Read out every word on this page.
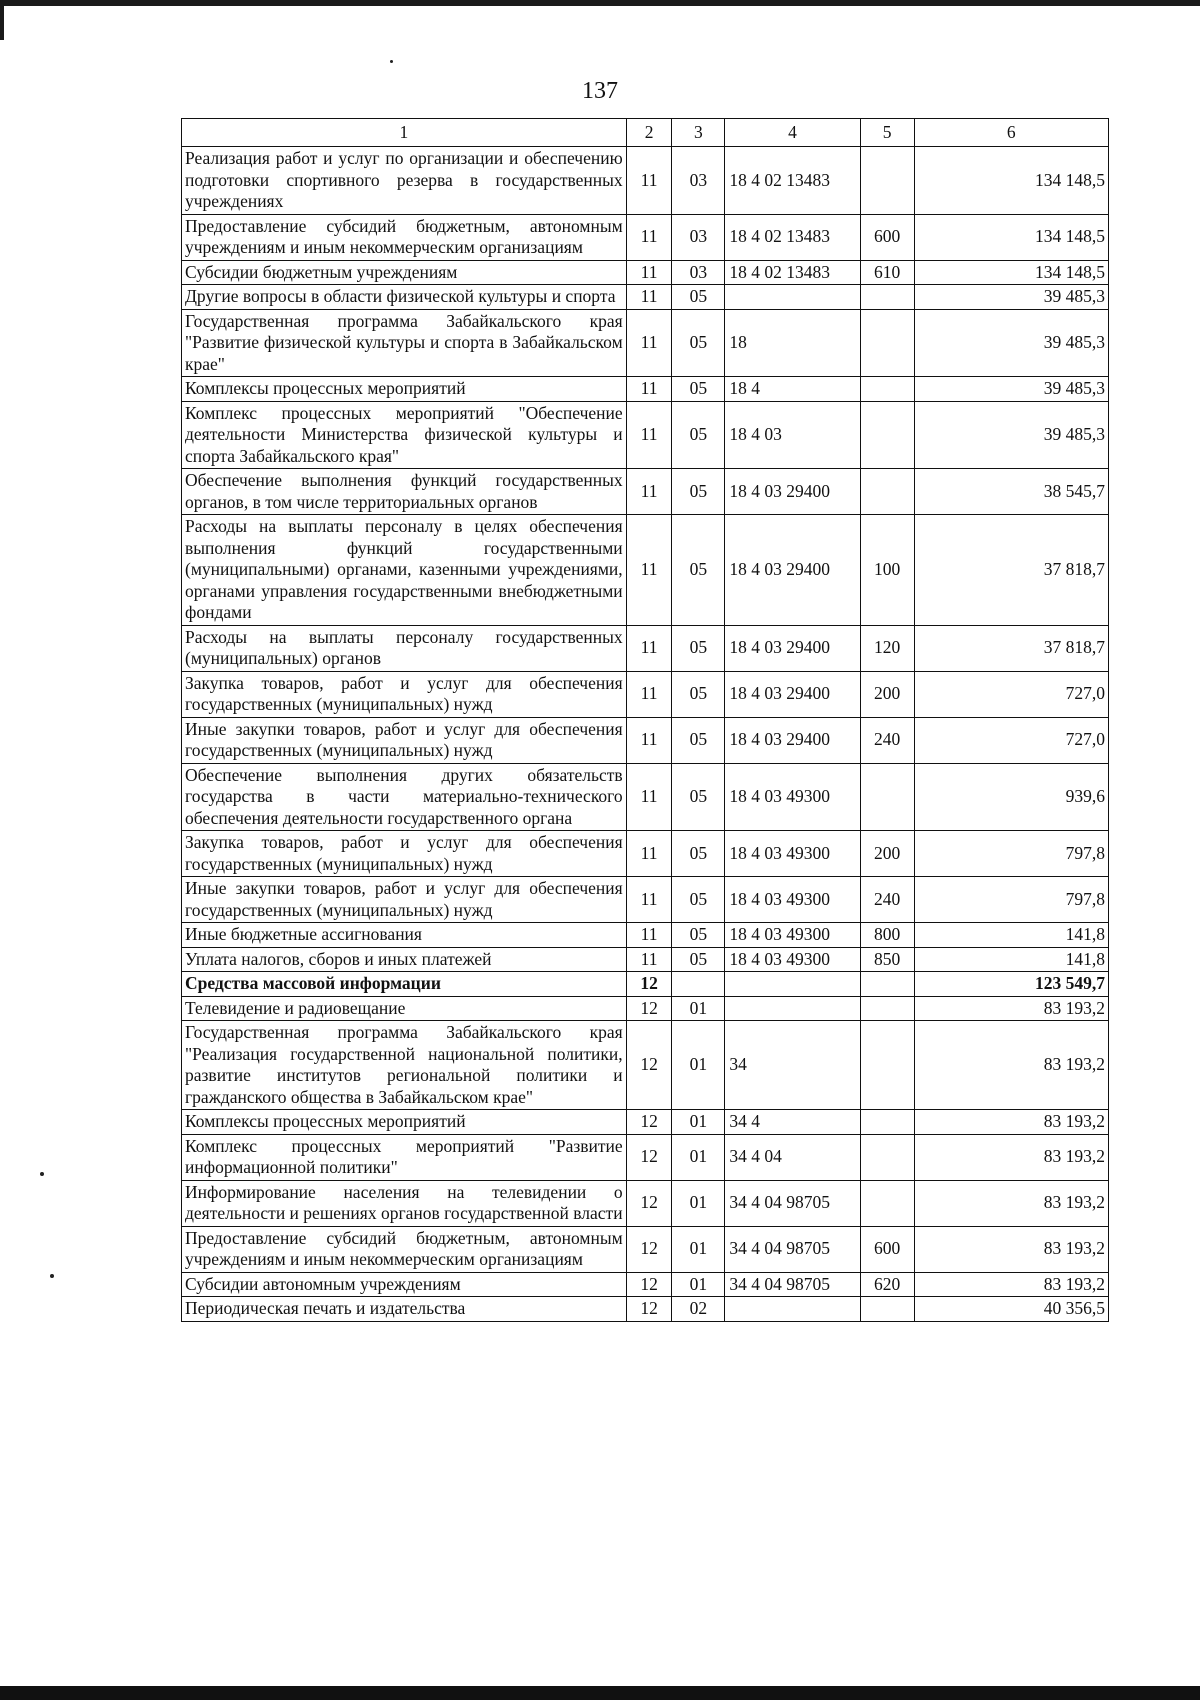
137
1	2	3	4	5	6
Реализация работ и услуг по организации и обеспечению подготовки спортивного резерва в государственных учреждениях	11	03	18 4 02 13483		134 148,5
Предоставление субсидий бюджетным, автономным учреждениям и иным некоммерческим организациям	11	03	18 4 02 13483	600	134 148,5
Субсидии бюджетным учреждениям	11	03	18 4 02 13483	610	134 148,5
Другие вопросы в области физической культуры и спорта	11	05			39 485,3
Государственная программа Забайкальского края "Развитие физической культуры и спорта в Забайкальском крае"	11	05	18		39 485,3
Комплексы процессных мероприятий	11	05	18 4		39 485,3
Комплекс процессных мероприятий "Обеспечение деятельности Министерства физической культуры и спорта Забайкальского края"	11	05	18 4 03		39 485,3
Обеспечение выполнения функций государственных органов, в том числе территориальных органов	11	05	18 4 03 29400		38 545,7
Расходы на выплаты персоналу в целях обеспечения выполнения функций государственными (муниципальными) органами, казенными учреждениями, органами управления государственными внебюджетными фондами	11	05	18 4 03 29400	100	37 818,7
Расходы на выплаты персоналу государственных (муниципальных) органов	11	05	18 4 03 29400	120	37 818,7
Закупка товаров, работ и услуг для обеспечения государственных (муниципальных) нужд	11	05	18 4 03 29400	200	727,0
Иные закупки товаров, работ и услуг для обеспечения государственных (муниципальных) нужд	11	05	18 4 03 29400	240	727,0
Обеспечение выполнения других обязательств государства в части материально-технического обеспечения деятельности государственного органа	11	05	18 4 03 49300		939,6
Закупка товаров, работ и услуг для обеспечения государственных (муниципальных) нужд	11	05	18 4 03 49300	200	797,8
Иные закупки товаров, работ и услуг для обеспечения государственных (муниципальных) нужд	11	05	18 4 03 49300	240	797,8
Иные бюджетные ассигнования	11	05	18 4 03 49300	800	141,8
Уплата налогов, сборов и иных платежей	11	05	18 4 03 49300	850	141,8
Средства массовой информации	12				123 549,7
Телевидение и радиовещание	12	01			83 193,2
Государственная программа Забайкальского края "Реализация государственной национальной политики, развитие институтов региональной политики и гражданского общества в Забайкальском крае"	12	01	34		83 193,2
Комплексы процессных мероприятий	12	01	34 4		83 193,2
Комплекс процессных мероприятий "Развитие информационной политики"	12	01	34 4 04		83 193,2
Информирование населения на телевидении о деятельности и решениях органов государственной власти	12	01	34 4 04 98705		83 193,2
Предоставление субсидий бюджетным, автономным учреждениям и иным некоммерческим организациям	12	01	34 4 04 98705	600	83 193,2
Субсидии автономным учреждениям	12	01	34 4 04 98705	620	83 193,2
Периодическая печать и издательства	12	02			40 356,5
